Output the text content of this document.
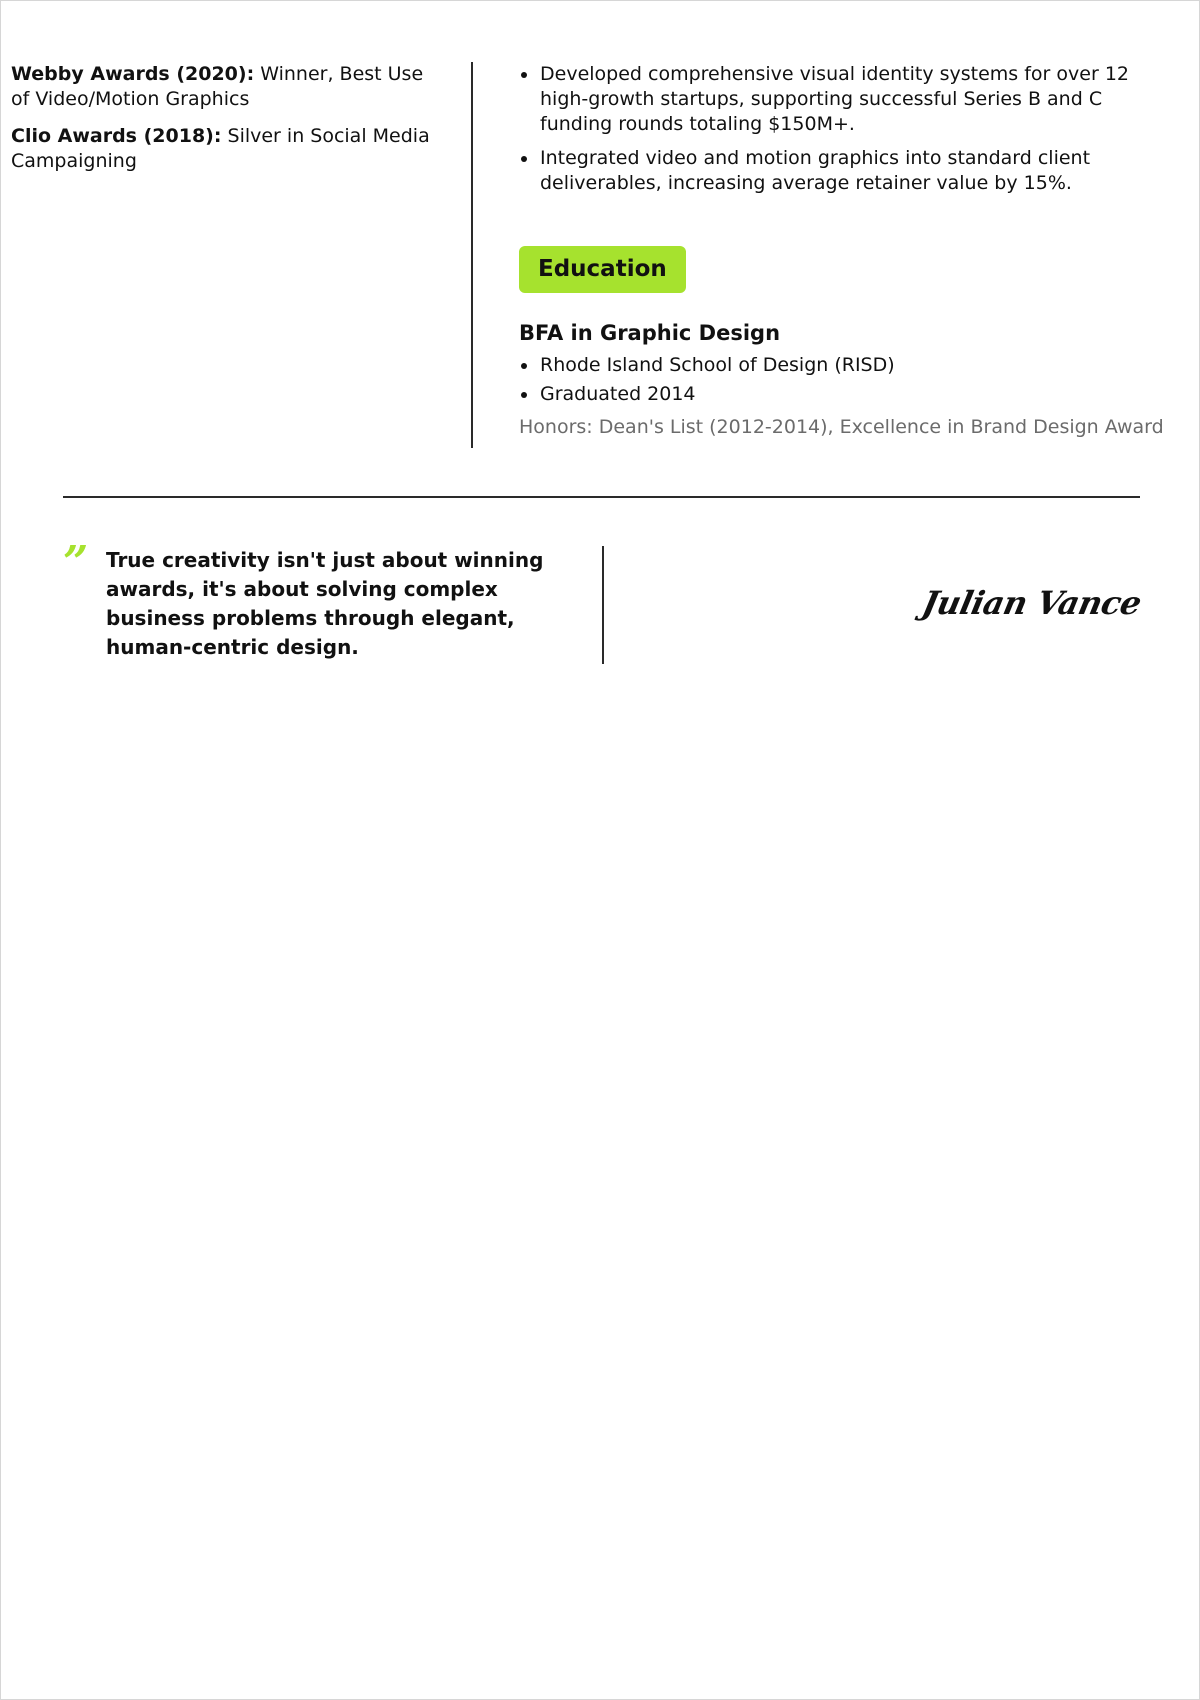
Webby Awards (2020): Winner, Best Use of Video/Motion Graphics

Clio Awards (2018): Silver in Social Media Campaigning

Developed comprehensive visual identity systems for over 12 high-growth startups, supporting successful Series B and C funding rounds totaling $150M+.
Integrated video and motion graphics into standard client deliverables, increasing average retainer value by 15%.
Education
BFA in Graphic Design
Rhode Island School of Design (RISD)
Graduated 2014
Honors: Dean's List (2012-2014), Excellence in Brand Design Award
” True creativity isn't just about winning awards, it's about solving complex business problems through elegant, human-centric design.
Julian Vance
